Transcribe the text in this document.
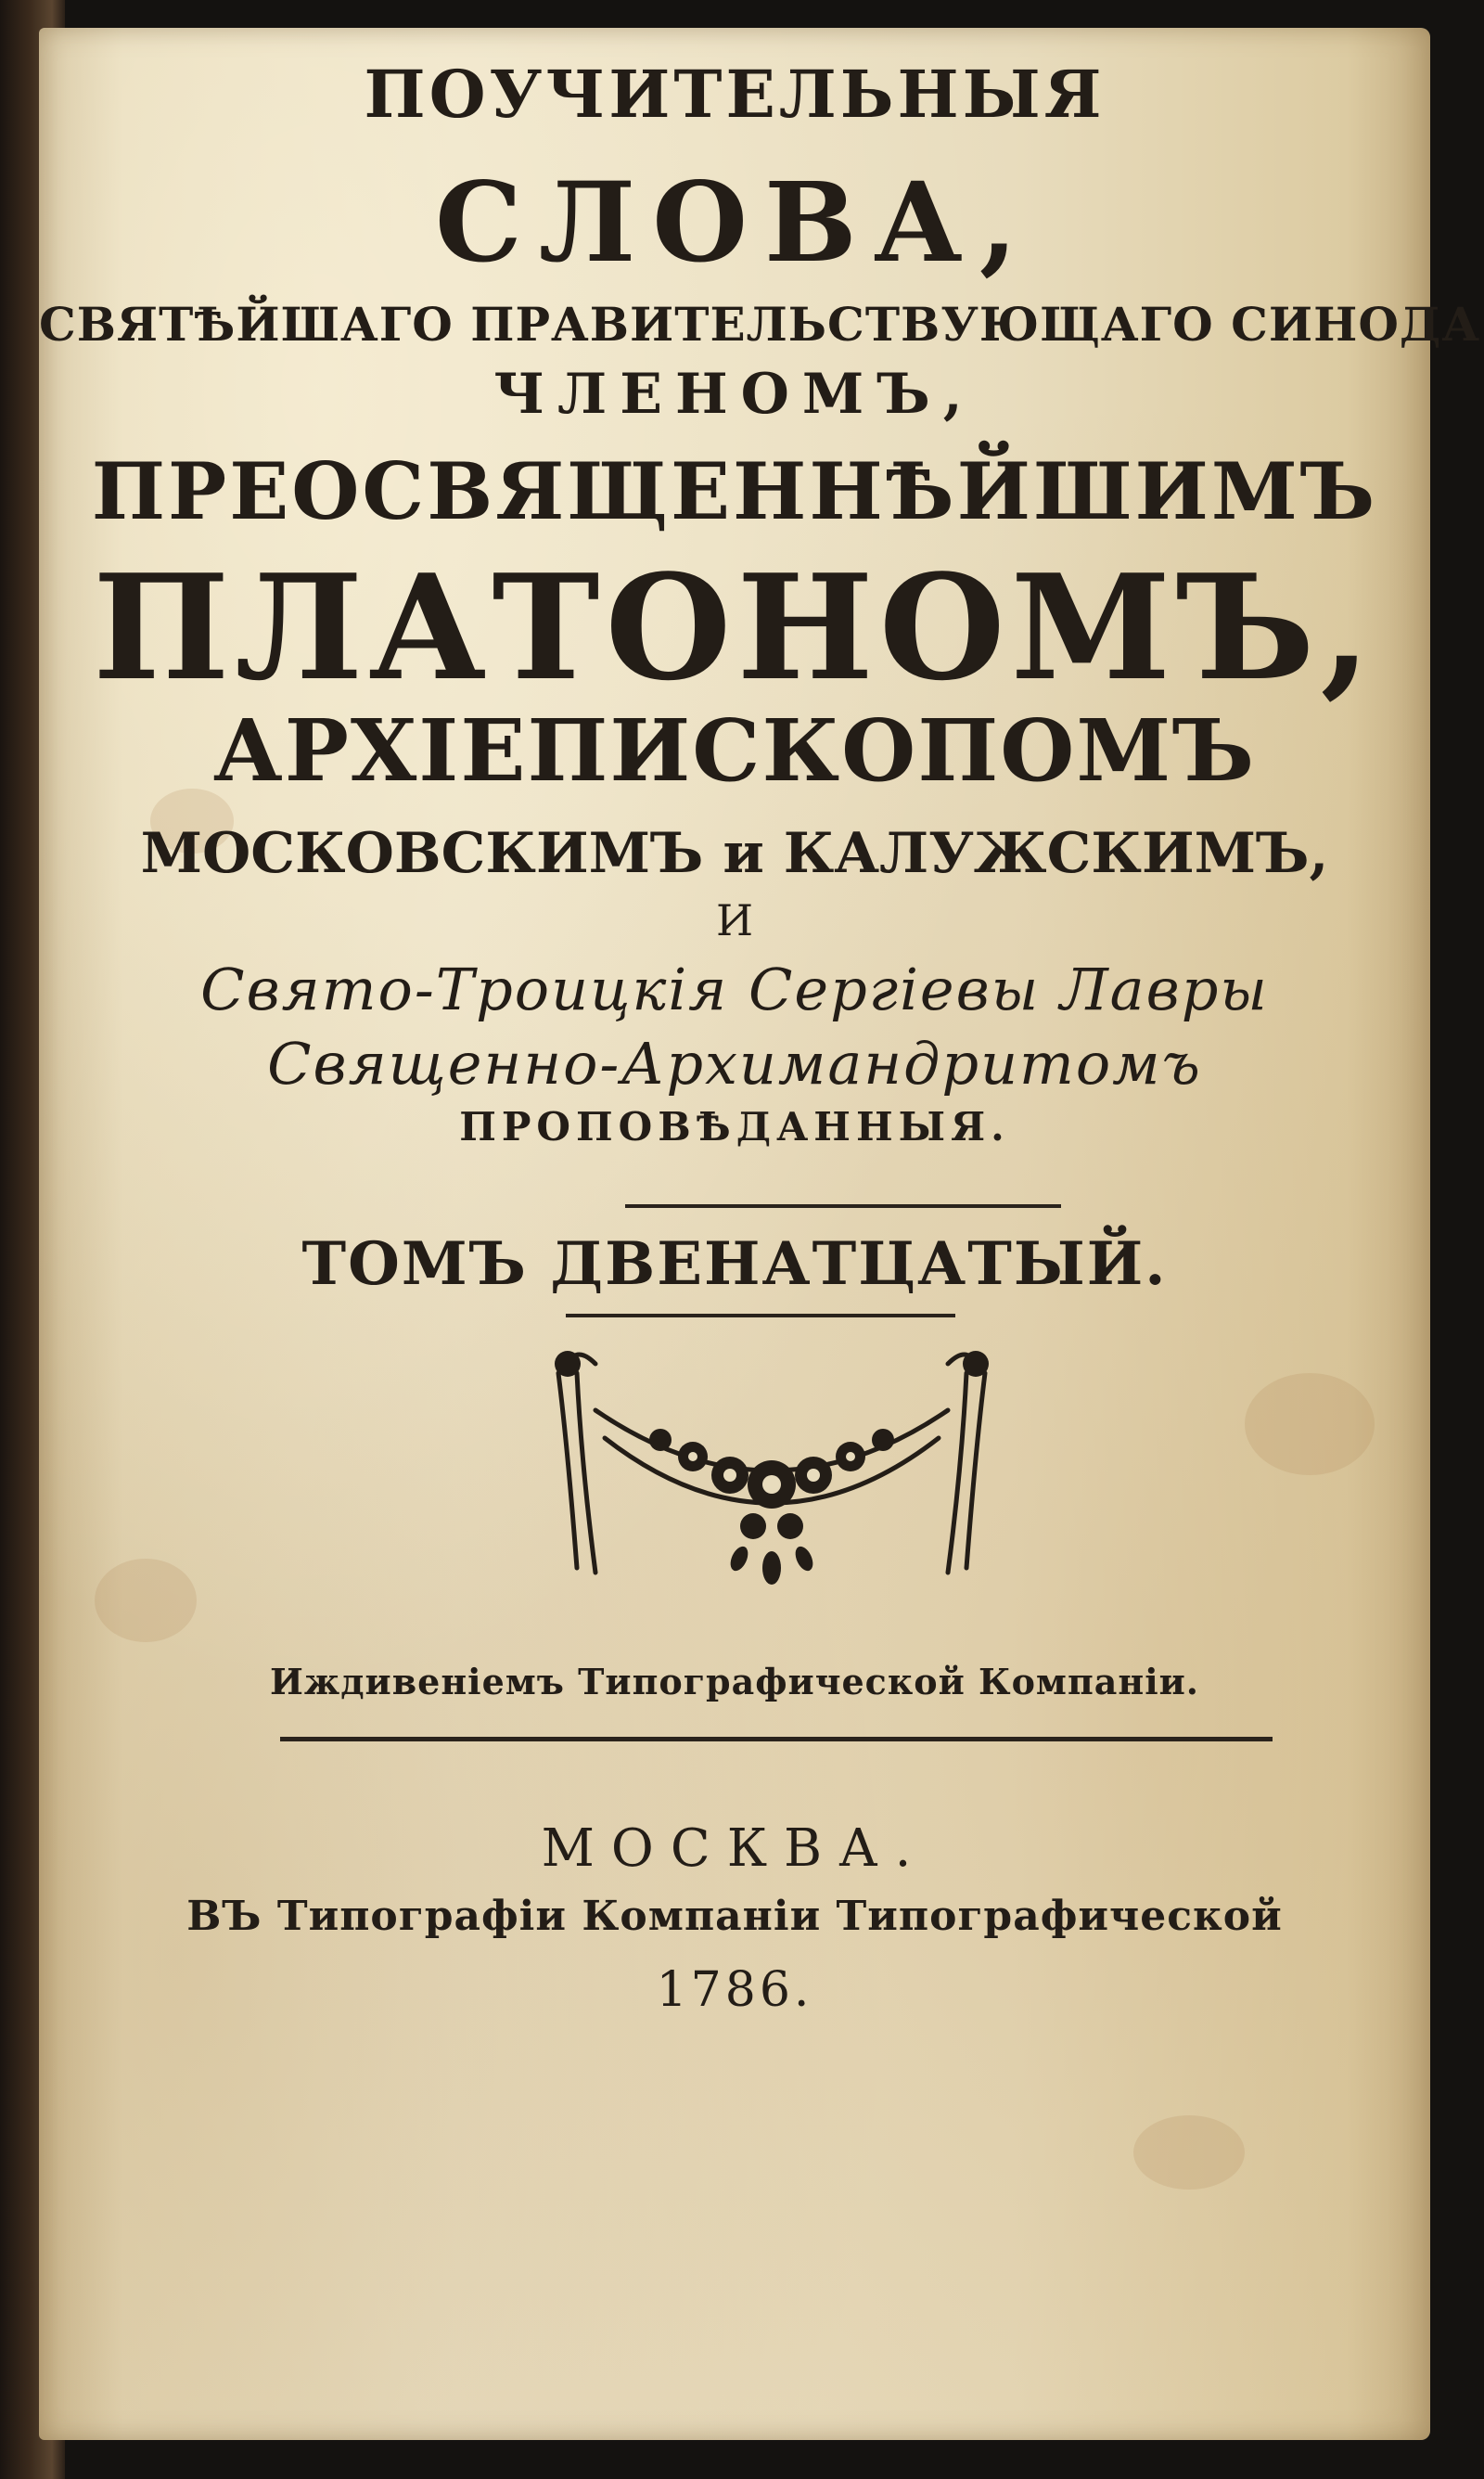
ПОУЧИТЕЛЬНЫЯ
СЛОВА,
СВЯТѢЙШАГО ПРАВИТЕЛЬСТВУЮЩАГО СИНОДА
ЧЛЕНОМЪ,
ПРЕОСВЯЩЕННѢЙШИМЪ
ПЛАТОНОМЪ,
АРХІЕПИСКОПОМЪ
МОСКОВСКИМЪ и КАЛУЖСКИМЪ,
И
Свято-Троицкія Сергіевы Лавры
Священно-Архимандритомъ
ПРОПОВѢДАННЫЯ.
ТОМЪ ДВЕНАТЦАТЫЙ.
Иждивеніемъ Типографической Компаніи.
МОСКВА.
ВЪ Типографіи Компаніи Типографической
1786.
